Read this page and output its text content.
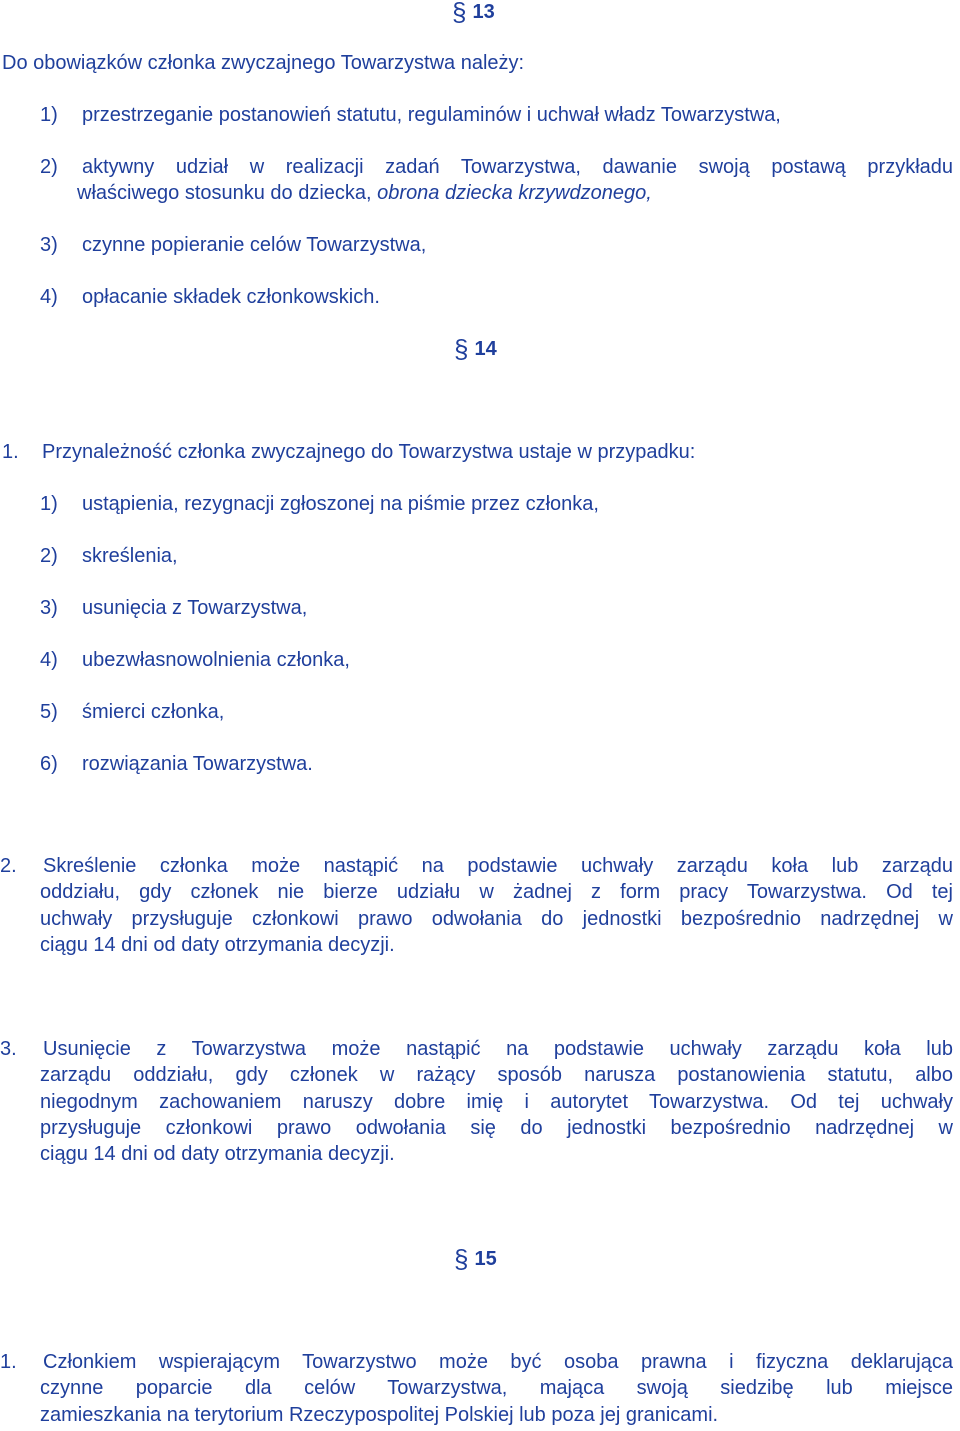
§ 13
Do obowiązków członka zwyczajnego Towarzystwa należy:
1) przestrzeganie postanowień statutu, regulaminów i uchwał władz Towarzystwa,
2) aktywny udział w realizacji zadań Towarzystwa, dawanie swoją postawą przykładu
właściwego stosunku do dziecka, obrona dziecka krzywdzonego,
3) czynne popieranie celów Towarzystwa,
4) opłacanie składek członkowskich.
§ 14
1. Przynależność członka zwyczajnego do Towarzystwa ustaje w przypadku:
1) ustąpienia, rezygnacji zgłoszonej na piśmie przez członka,
2) skreślenia,
3) usunięcia z Towarzystwa,
4) ubezwłasnowolnienia członka,
5) śmierci członka,
6) rozwiązania Towarzystwa.
2. Skreślenie członka może nastąpić na podstawie uchwały zarządu koła lub zarządu
oddziału, gdy członek nie bierze udziału w żadnej z form pracy Towarzystwa. Od tej
uchwały przysługuje członkowi prawo odwołania do jednostki bezpośrednio nadrzędnej w
ciągu 14 dni od daty otrzymania decyzji.
3. Usunięcie z Towarzystwa może nastąpić na podstawie uchwały zarządu koła lub
zarządu oddziału, gdy członek w rażący sposób narusza postanowienia statutu, albo
niegodnym zachowaniem naruszy dobre imię i autorytet Towarzystwa. Od tej uchwały
przysługuje członkowi prawo odwołania się do jednostki bezpośrednio nadrzędnej w
ciągu 14 dni od daty otrzymania decyzji.
§ 15
1. Członkiem wspierającym Towarzystwo może być osoba prawna i fizyczna deklarująca
czynne poparcie dla celów Towarzystwa, mająca swoją siedzibę lub miejsce
zamieszkania na terytorium Rzeczypospolitej Polskiej lub poza jej granicami.
